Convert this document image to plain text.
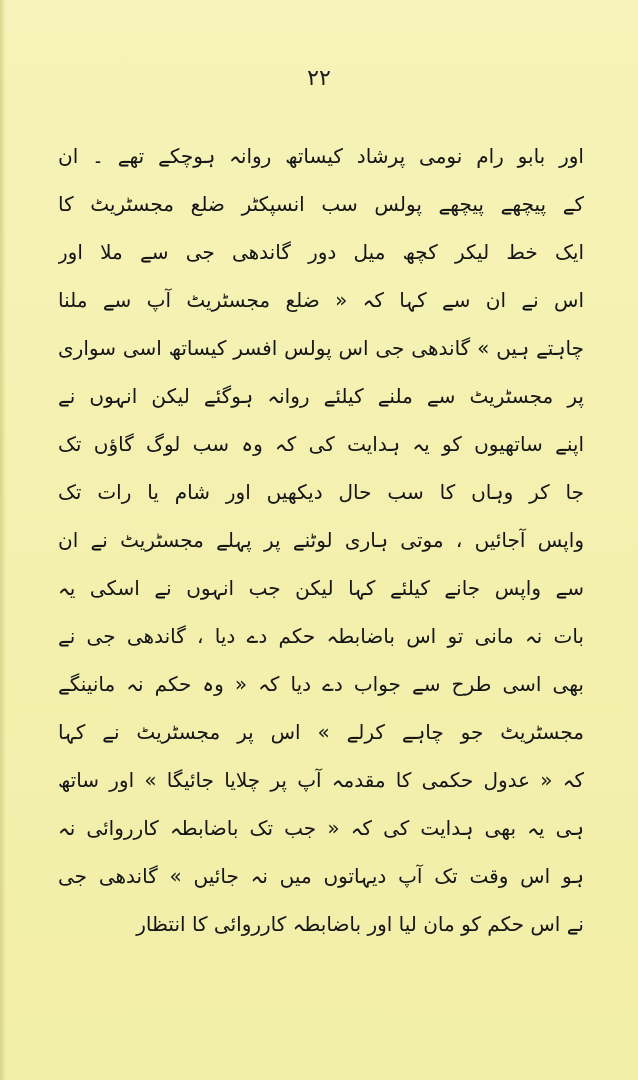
۲۲
اور بابو رام نومی پرشاد کیساتھ روانہ ہوچکے تھے ۔ ان
کے پیچھے پیچھے پولس سب انسپکٹر ضلع مجسٹریٹ کا
ایک خط لیکر کچھ میل دور گاندھی جی سے ملا اور
اس نے ان سے کہا کہ « ضلع مجسٹریٹ آپ سے ملنا
چاہتے ہیں » گاندھی جی اس پولس افسر کیساتھ اسی سواری
پر مجسٹریٹ سے ملنے کیلئے روانہ ہوگئے لیکن انہوں نے
اپنے ساتھیوں کو یہ ہدایت کی کہ وہ سب لوگ گاؤں تک
جا کر وہاں کا سب حال دیکھیں اور شام یا رات تک
واپس آجائیں ، موتی ہاری لوٹنے پر پہلے مجسٹریٹ نے ان
سے واپس جانے کیلئے کہا لیکن جب انہوں نے اسکی یہ
بات نہ مانی تو اس باضابطہ حکم دے دیا ، گاندھی جی نے
بھی اسی طرح سے جواب دے دیا کہ « وہ حکم نہ مانینگے
مجسٹریٹ جو چاہے کرلے » اس پر مجسٹریٹ نے کہا
کہ « عدول حکمی کا مقدمہ آپ پر چلایا جائیگا » اور ساتھ
ہی یہ بھی ہدایت کی کہ « جب تک باضابطہ کارروائی نہ
ہو اس وقت تک آپ دیہاتوں میں نہ جائیں » گاندھی جی
نے اس حکم کو مان لیا اور باضابطہ کارروائی کا انتظار
